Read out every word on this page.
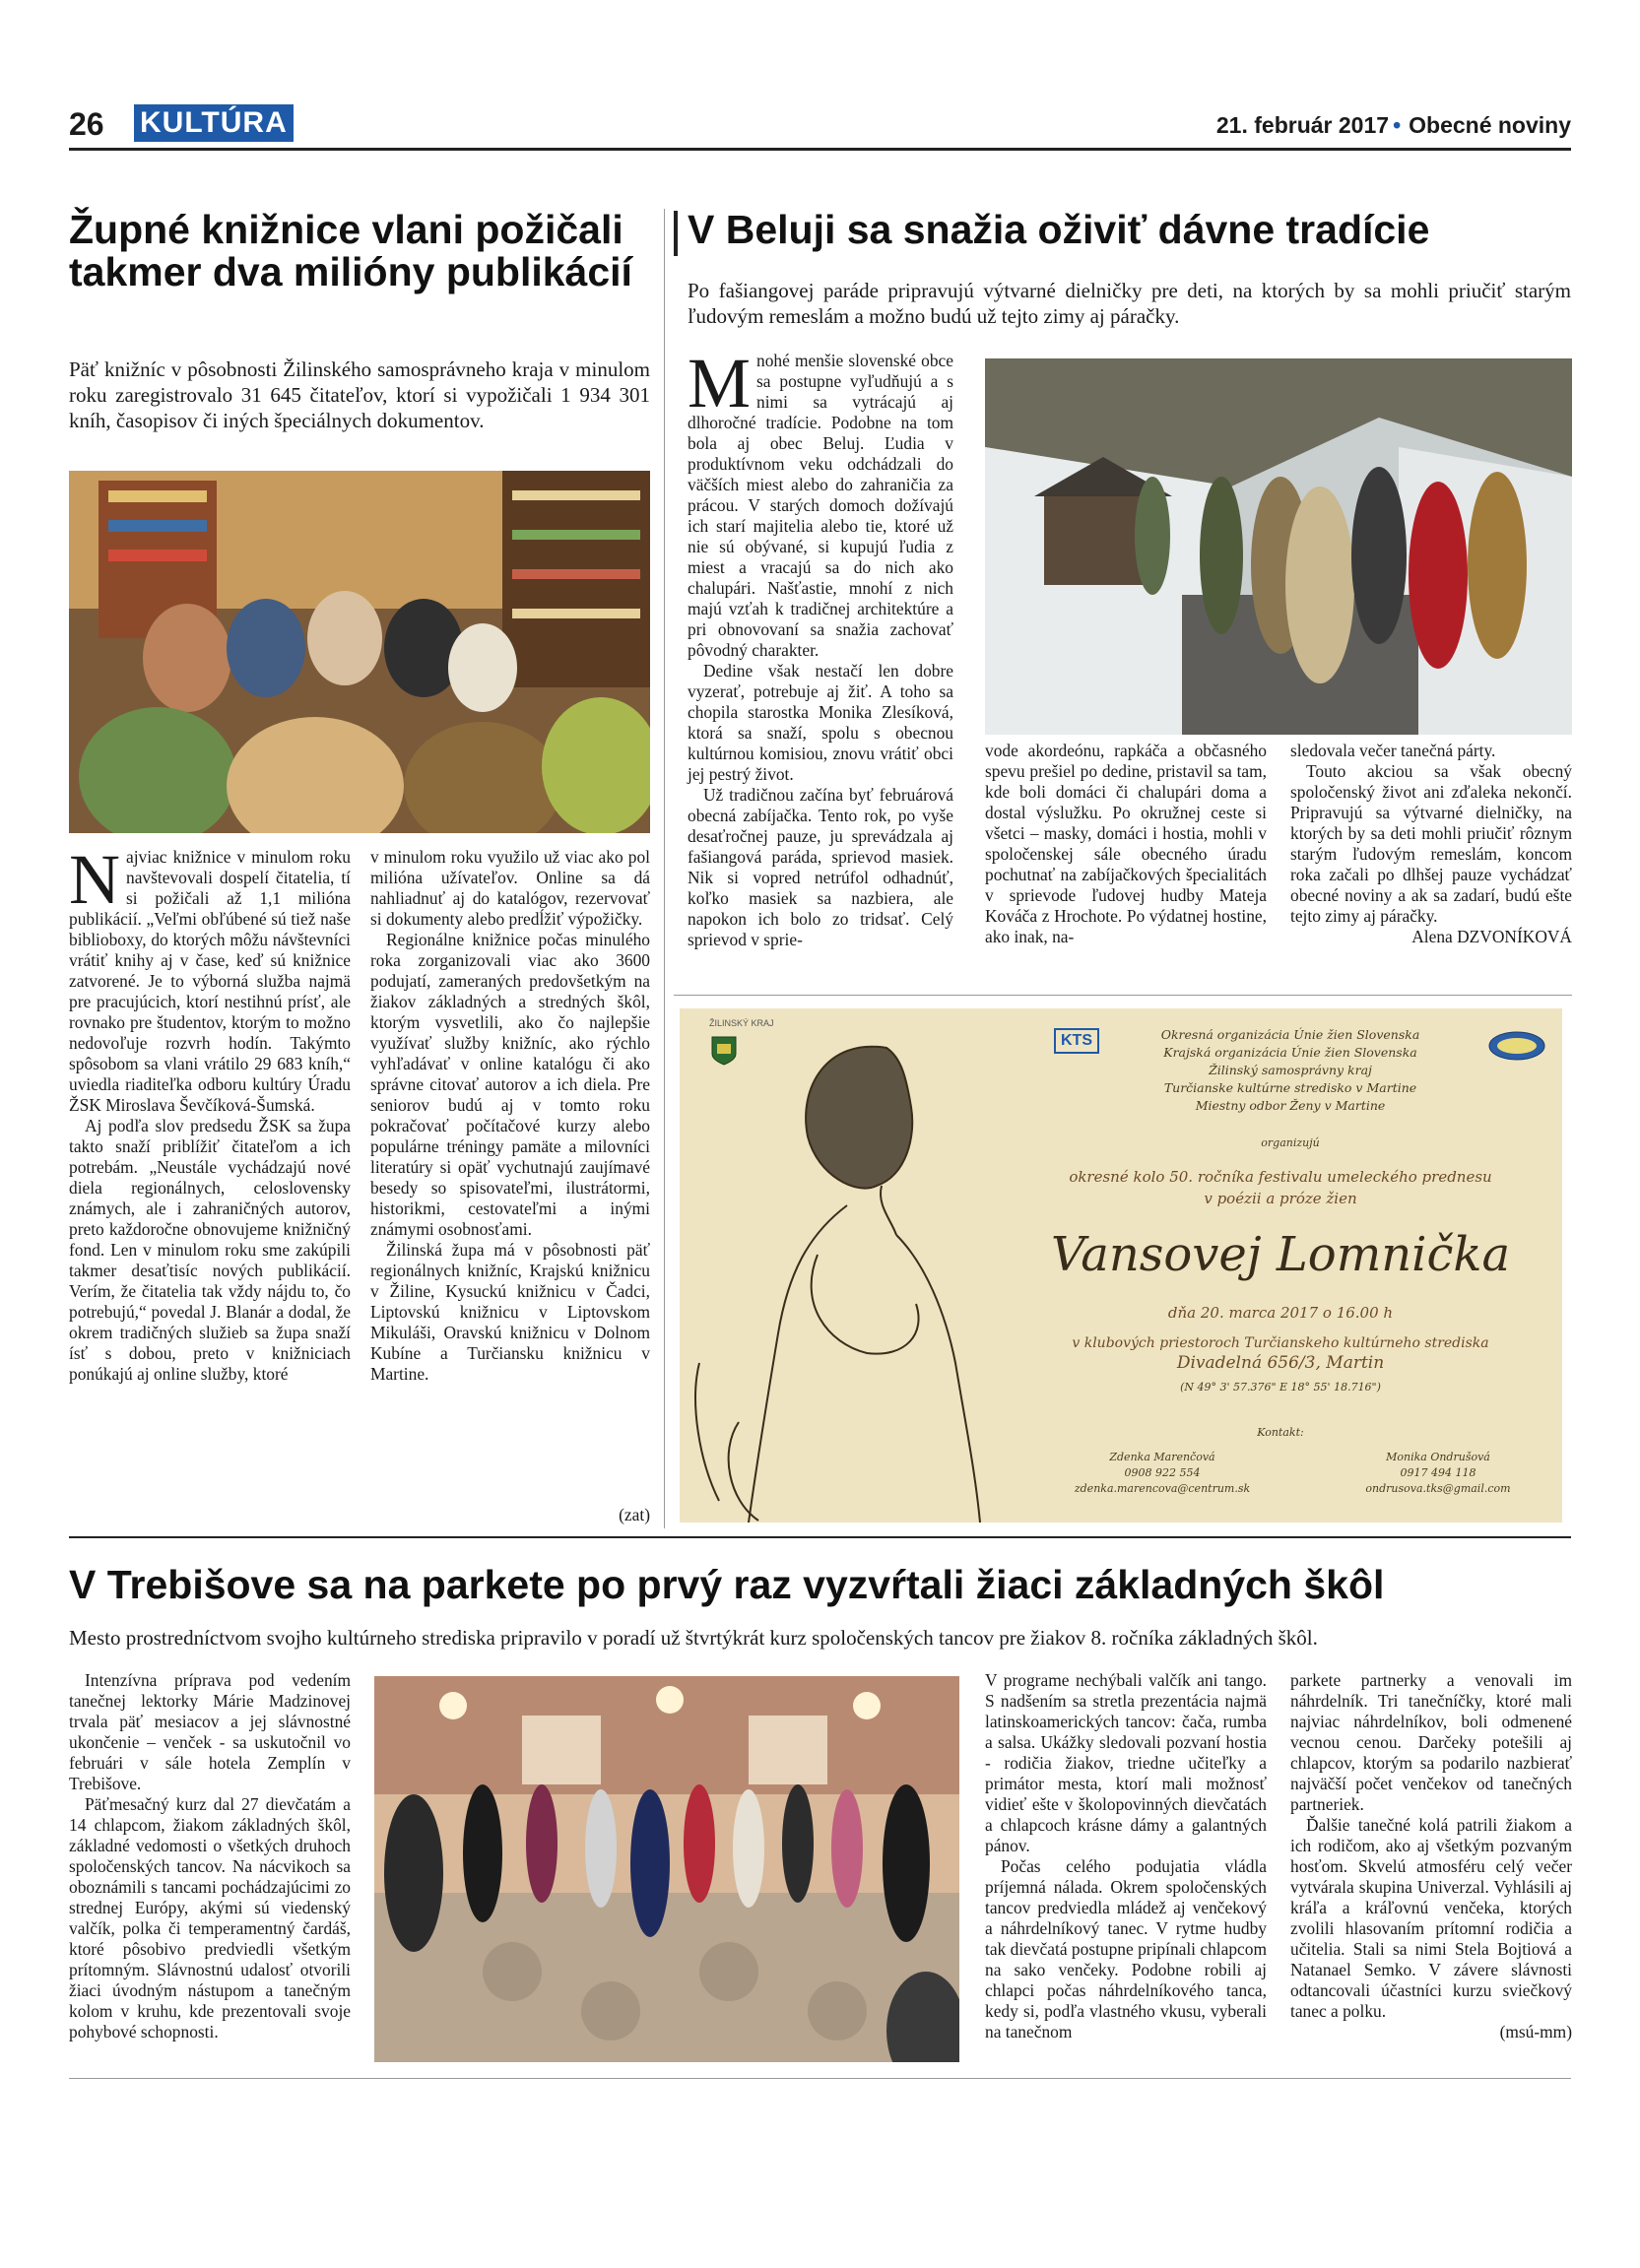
26 KULTÚRA	21. február 2017 • Obecné noviny
Župné knižnice vlani požičali takmer dva milióny publikácií
Päť knižníc v pôsobnosti Žilinského samosprávneho kraja v minulom roku zaregistrovalo 31 645 čitateľov, ktorí si vypožičali 1 934 301 kníh, časopisov či iných špeciálnych dokumentov.

Najviac knižnice v minulom roku navštevovali dospelí čitatelia, tí si požičali až 1,1 milióna publikácií. „Veľmi obľúbené sú tiež naše biblioboxy, do ktorých môžu návštevníci vrátiť knihy aj v čase, keď sú knižnice zatvorené. Je to výborná služba najmä pre pracujúcich, ktorí nestihnú prísť, ale rovnako pre študentov, ktorým to možno nedovoľuje rozvrh hodín. Takýmto spôsobom sa vlani vrátilo 29 683 kníh,“ uviedla riaditeľka odboru kultúry Úradu ŽSK Miroslava Ševčíková-Šumská.

Aj podľa slov predsedu ŽSK sa župa takto snaží priblížiť čitateľom a ich potrebám. „Neustále vychádzajú nové diela regionálnych, celoslovensky známych, ale i zahraničných autorov, preto každoročne obnovujeme knižničný fond. Len v minulom roku sme zakúpili takmer desaťtisíc nových publikácií. Verím, že čitatelia tak vždy nájdu to, čo potrebujú,“ povedal J. Blanár a dodal, že okrem tradičných služieb sa župa snaží ísť s dobou, preto v knižniciach ponúkajú aj online služby, ktoré

v minulom roku využilo už viac ako pol milióna užívateľov. Online sa dá nahliadnuť aj do katalógov, rezervovať si dokumenty alebo predĺžiť výpožičky.

Regionálne knižnice počas minulého roka zorganizovali viac ako 3600 podujatí, zameraných predovšetkým na žiakov základných a stredných škôl, ktorým vysvetlili, ako čo najlepšie využívať služby knižníc, ako rýchlo vyhľadávať v online katalógu či ako správne citovať autorov a ich diela. Pre seniorov budú aj v tomto roku pokračovať počítačové kurzy alebo populárne tréningy pamäte a milovníci literatúry si opäť vychutnajú zaujímavé besedy so spisovateľmi, ilustrátormi, historikmi, cestovateľmi a inými známymi osobnosťami.

Žilinská župa má v pôsobnosti päť regionálnych knižníc, Krajskú knižnicu v Žiline, Kysuckú knižnicu v Čadci, Liptovskú knižnicu v Liptovskom Mikuláši, Oravskú knižnicu v Dolnom Kubíne a Turčiansku knižnicu v Martine.

(zat)
V Beluji sa snažia oživiť dávne tradície
Po fašiangovej paráde pripravujú výtvarné dielničky pre deti, na ktorých by sa mohli priučiť starým ľudovým remeslám a možno budú už tejto zimy aj páračky.

Mnohé menšie slovenské obce sa postupne vyľudňujú a s nimi sa vytrácajú aj dlhoročné tradície. Podobne na tom bola aj obec Beluj. Ľudia v produktívnom veku odchádzali do väčších miest alebo do zahraničia za prácou. V starých domoch dožívajú ich starí majitelia alebo tie, ktoré už nie sú obývané, si kupujú ľudia z miest a vracajú sa do nich ako chalupári. Našťastie, mnohí z nich majú vzťah k tradičnej architektúre a pri obnovovaní sa snažia zachovať pôvodný charakter.

Dedine však nestačí len dobre vyzerať, potrebuje aj žiť. A toho sa chopila starostka Monika Zlesíková, ktorá sa snaží, spolu s obecnou kultúrnou komisiou, znovu vrátiť obci jej pestrý život.

Už tradičnou začína byť februárová obecná zabíjačka. Tento rok, po vyše desaťročnej pauze, ju sprevádzala aj fašiangová paráda, sprievod masiek. Nik si vopred netrúfol odhadnúť, koľko masiek sa nazbiera, ale napokon ich bolo zo tridsať. Celý sprievod v sprie-

vode akordeónu, rapkáča a občasného spevu prešiel po dedine, pristavil sa tam, kde boli domáci či chalupári doma a dostal výslužku. Po okružnej ceste si všetci – masky, domáci i hostia, mohli v spoločenskej sále obecného úradu pochutnať na zabíjačkových špecialitách v sprievode ľudovej hudby Mateja Kováča z Hrochote. Po výdatnej hostine, ako inak, na-

sledovala večer tanečná párty.

Touto akciou sa však obecný spoločenský život ani zďaleka nekončí. Pripravujú sa výtvarné dielničky, na ktorých by sa deti mohli priučiť rôznym starým ľudovým remeslám, koncom roka začali po dlhšej pauze vychádzať obecné noviny a ak sa zadarí, budú ešte tejto zimy aj páračky.

Alena DZVONÍKOVÁ

ŽILINSKÝ KRAJ
KTS	Okresná organizácia Únie žien Slovenska
Krajská organizácia Únie žien Slovenska
Žilinský samosprávny kraj
Turčianske kultúrne stredisko v Martine
Miestny odbor Ženy v Martine
organizujú
okresné kolo 50. ročníka festivalu umeleckého prednesu
v poézii a próze žien
Vansovej Lomnička
dňa 20. marca 2017 o 16.00 h
v klubových priestoroch Turčianskeho kultúrneho strediska
Divadelná 656/3, Martin
(N 49° 3' 57.376" E 18° 55' 18.716")
Kontakt:
Zdenka Marenčová
0908 922 554
zdenka.marencova@centrum.sk
Monika Ondrušová
0917 494 118
ondrusova.tks@gmail.com
V Trebišove sa na parkete po prvý raz vyzvŕtali žiaci základných škôl
Mesto prostredníctvom svojho kultúrneho strediska pripravilo v poradí už štvrtýkrát kurz spoločenských tancov pre žiakov 8. ročníka základných škôl.

Intenzívna príprava pod vedením tanečnej lektorky Márie Madzinovej trvala päť mesiacov a jej slávnostné ukončenie – venček - sa uskutočnil vo februári v sále hotela Zemplín v Trebišove.

Päťmesačný kurz dal 27 dievčatám a 14 chlapcom, žiakom základných škôl, základné vedomosti o všetkých druhoch spoločenských tancov. Na nácvikoch sa oboznámili s tancami pochádzajúcimi zo strednej Európy, akými sú viedenský valčík, polka či temperamentný čardáš, ktoré pôsobivo predviedli všetkým prítomným. Slávnostnú udalosť otvorili žiaci úvodným nástupom a tanečným kolom v kruhu, kde prezentovali svoje pohybové schopnosti.

V programe nechýbali valčík ani tango. S nadšením sa stretla prezentácia najmä latinskoamerických tancov: čača, rumba a salsa. Ukážky sledovali pozvaní hostia - rodičia žiakov, triedne učiteľky a primátor mesta, ktorí mali možnosť vidieť ešte v školopovinných dievčatách a chlapcoch krásne dámy a galantných pánov.

Počas celého podujatia vládla príjemná nálada. Okrem spoločenských tancov predviedla mládež aj venčekový a náhrdelníkový tanec. V rytme hudby tak dievčatá postupne pripínali chlapcom na sako venčeky. Podobne robili aj chlapci počas náhrdelníkového tanca, kedy si, podľa vlastného vkusu, vyberali na tanečnom

parkete partnerky a venovali im náhrdelník. Tri tanečníčky, ktoré mali najviac náhrdelníkov, boli odmenené vecnou cenou. Darčeky potešili aj chlapcov, ktorým sa podarilo nazbierať najväčší počet venčekov od tanečných partneriek.

Ďalšie tanečné kolá patrili žiakom a ich rodičom, ako aj všetkým pozvaným hosťom. Skvelú atmosféru celý večer vytvárala skupina Univerzal. Vyhlásili aj kráľa a kráľovnú venčeka, ktorých zvolili hlasovaním prítomní rodičia a učitelia. Stali sa nimi Stela Bojtiová a Natanael Semko. V závere slávnosti odtancovali účastníci kurzu sviečkový tanec a polku.

(msú-mm)
